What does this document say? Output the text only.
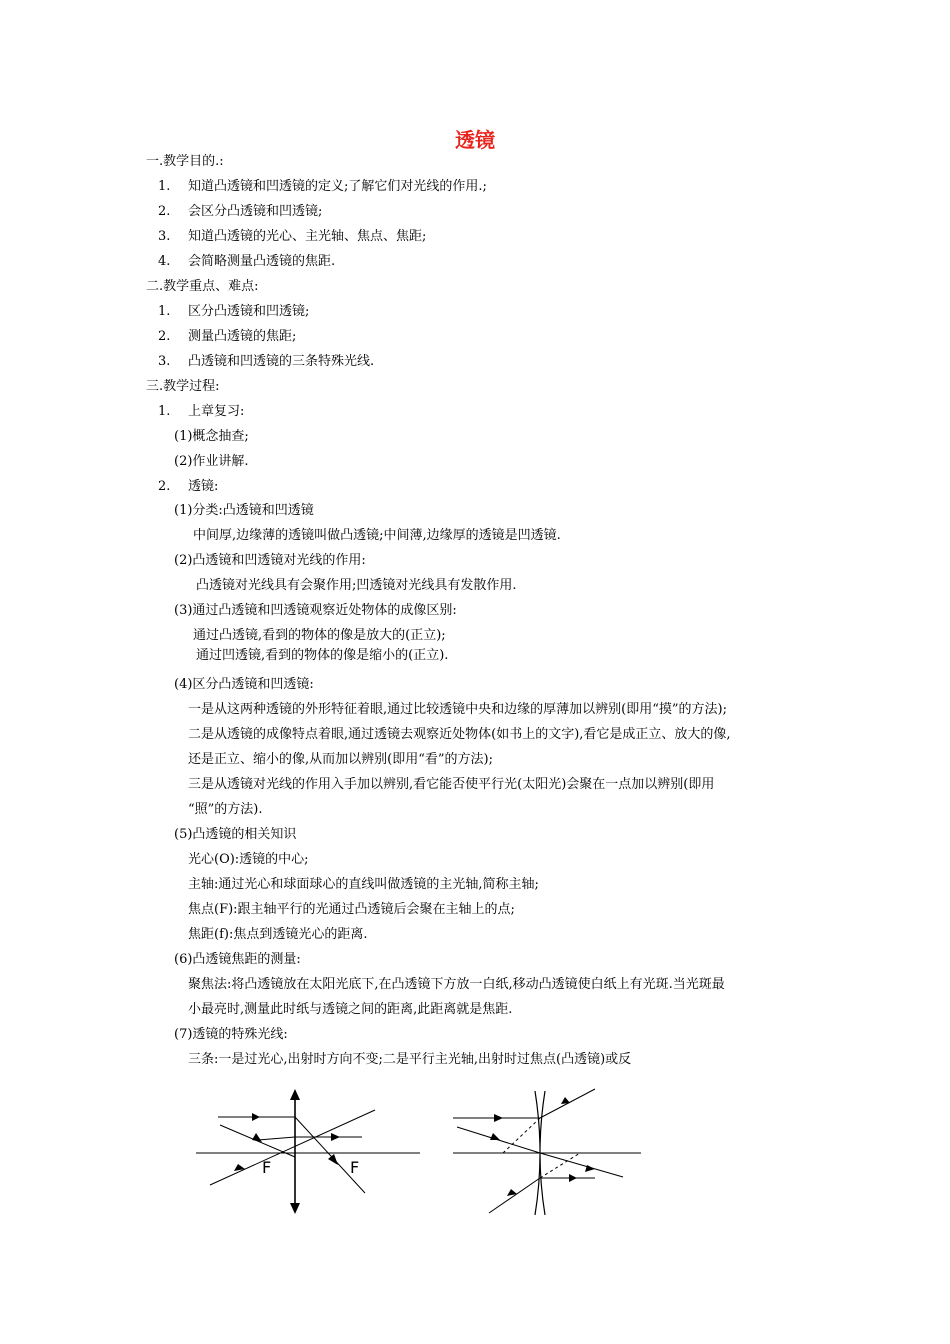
透镜
一.教学目的.:
1. 知道凸透镜和凹透镜的定义;了解它们对光线的作用.;
2. 会区分凸透镜和凹透镜;
3. 知道凸透镜的光心、主光轴、焦点、焦距;
4. 会简略测量凸透镜的焦距.
二.教学重点、难点:
1. 区分凸透镜和凹透镜;
2. 测量凸透镜的焦距;
3. 凸透镜和凹透镜的三条特殊光线.
三.教学过程:
1. 上章复习:
(1)概念抽查;
(2)作业讲解.
2. 透镜:
(1)分类:凸透镜和凹透镜
中间厚,边缘薄的透镜叫做凸透镜;中间薄,边缘厚的透镜是凹透镜.
(2)凸透镜和凹透镜对光线的作用:
凸透镜对光线具有会聚作用;凹透镜对光线具有发散作用.
(3)通过凸透镜和凹透镜观察近处物体的成像区别:
通过凸透镜,看到的物体的像是放大的(正立);
通过凹透镜,看到的物体的像是缩小的(正立).
(4)区分凸透镜和凹透镜:
一是从这两种透镜的外形特征着眼,通过比较透镜中央和边缘的厚薄加以辨别(即用“摸”的方法);
二是从透镜的成像特点着眼,通过透镜去观察近处物体(如书上的文字),看它是成正立、放大的像,
还是正立、缩小的像,从而加以辨别(即用“看”的方法);
三是从透镜对光线的作用入手加以辨别,看它能否使平行光(太阳光)会聚在一点加以辨别(即用
“照”的方法).
(5)凸透镜的相关知识
光心(O):透镜的中心;
主轴:通过光心和球面球心的直线叫做透镜的主光轴,简称主轴;
焦点(F):跟主轴平行的光通过凸透镜后会聚在主轴上的点;
焦距(f):焦点到透镜光心的距离.
(6)凸透镜焦距的测量:
聚焦法:将凸透镜放在太阳光底下,在凸透镜下方放一白纸,移动凸透镜使白纸上有光斑.当光斑最
小最亮时,测量此时纸与透镜之间的距离,此距离就是焦距.
(7)透镜的特殊光线:
三条:一是过光心,出射时方向不变;二是平行主光轴,出射时过焦点(凸透镜)或反
F	F
